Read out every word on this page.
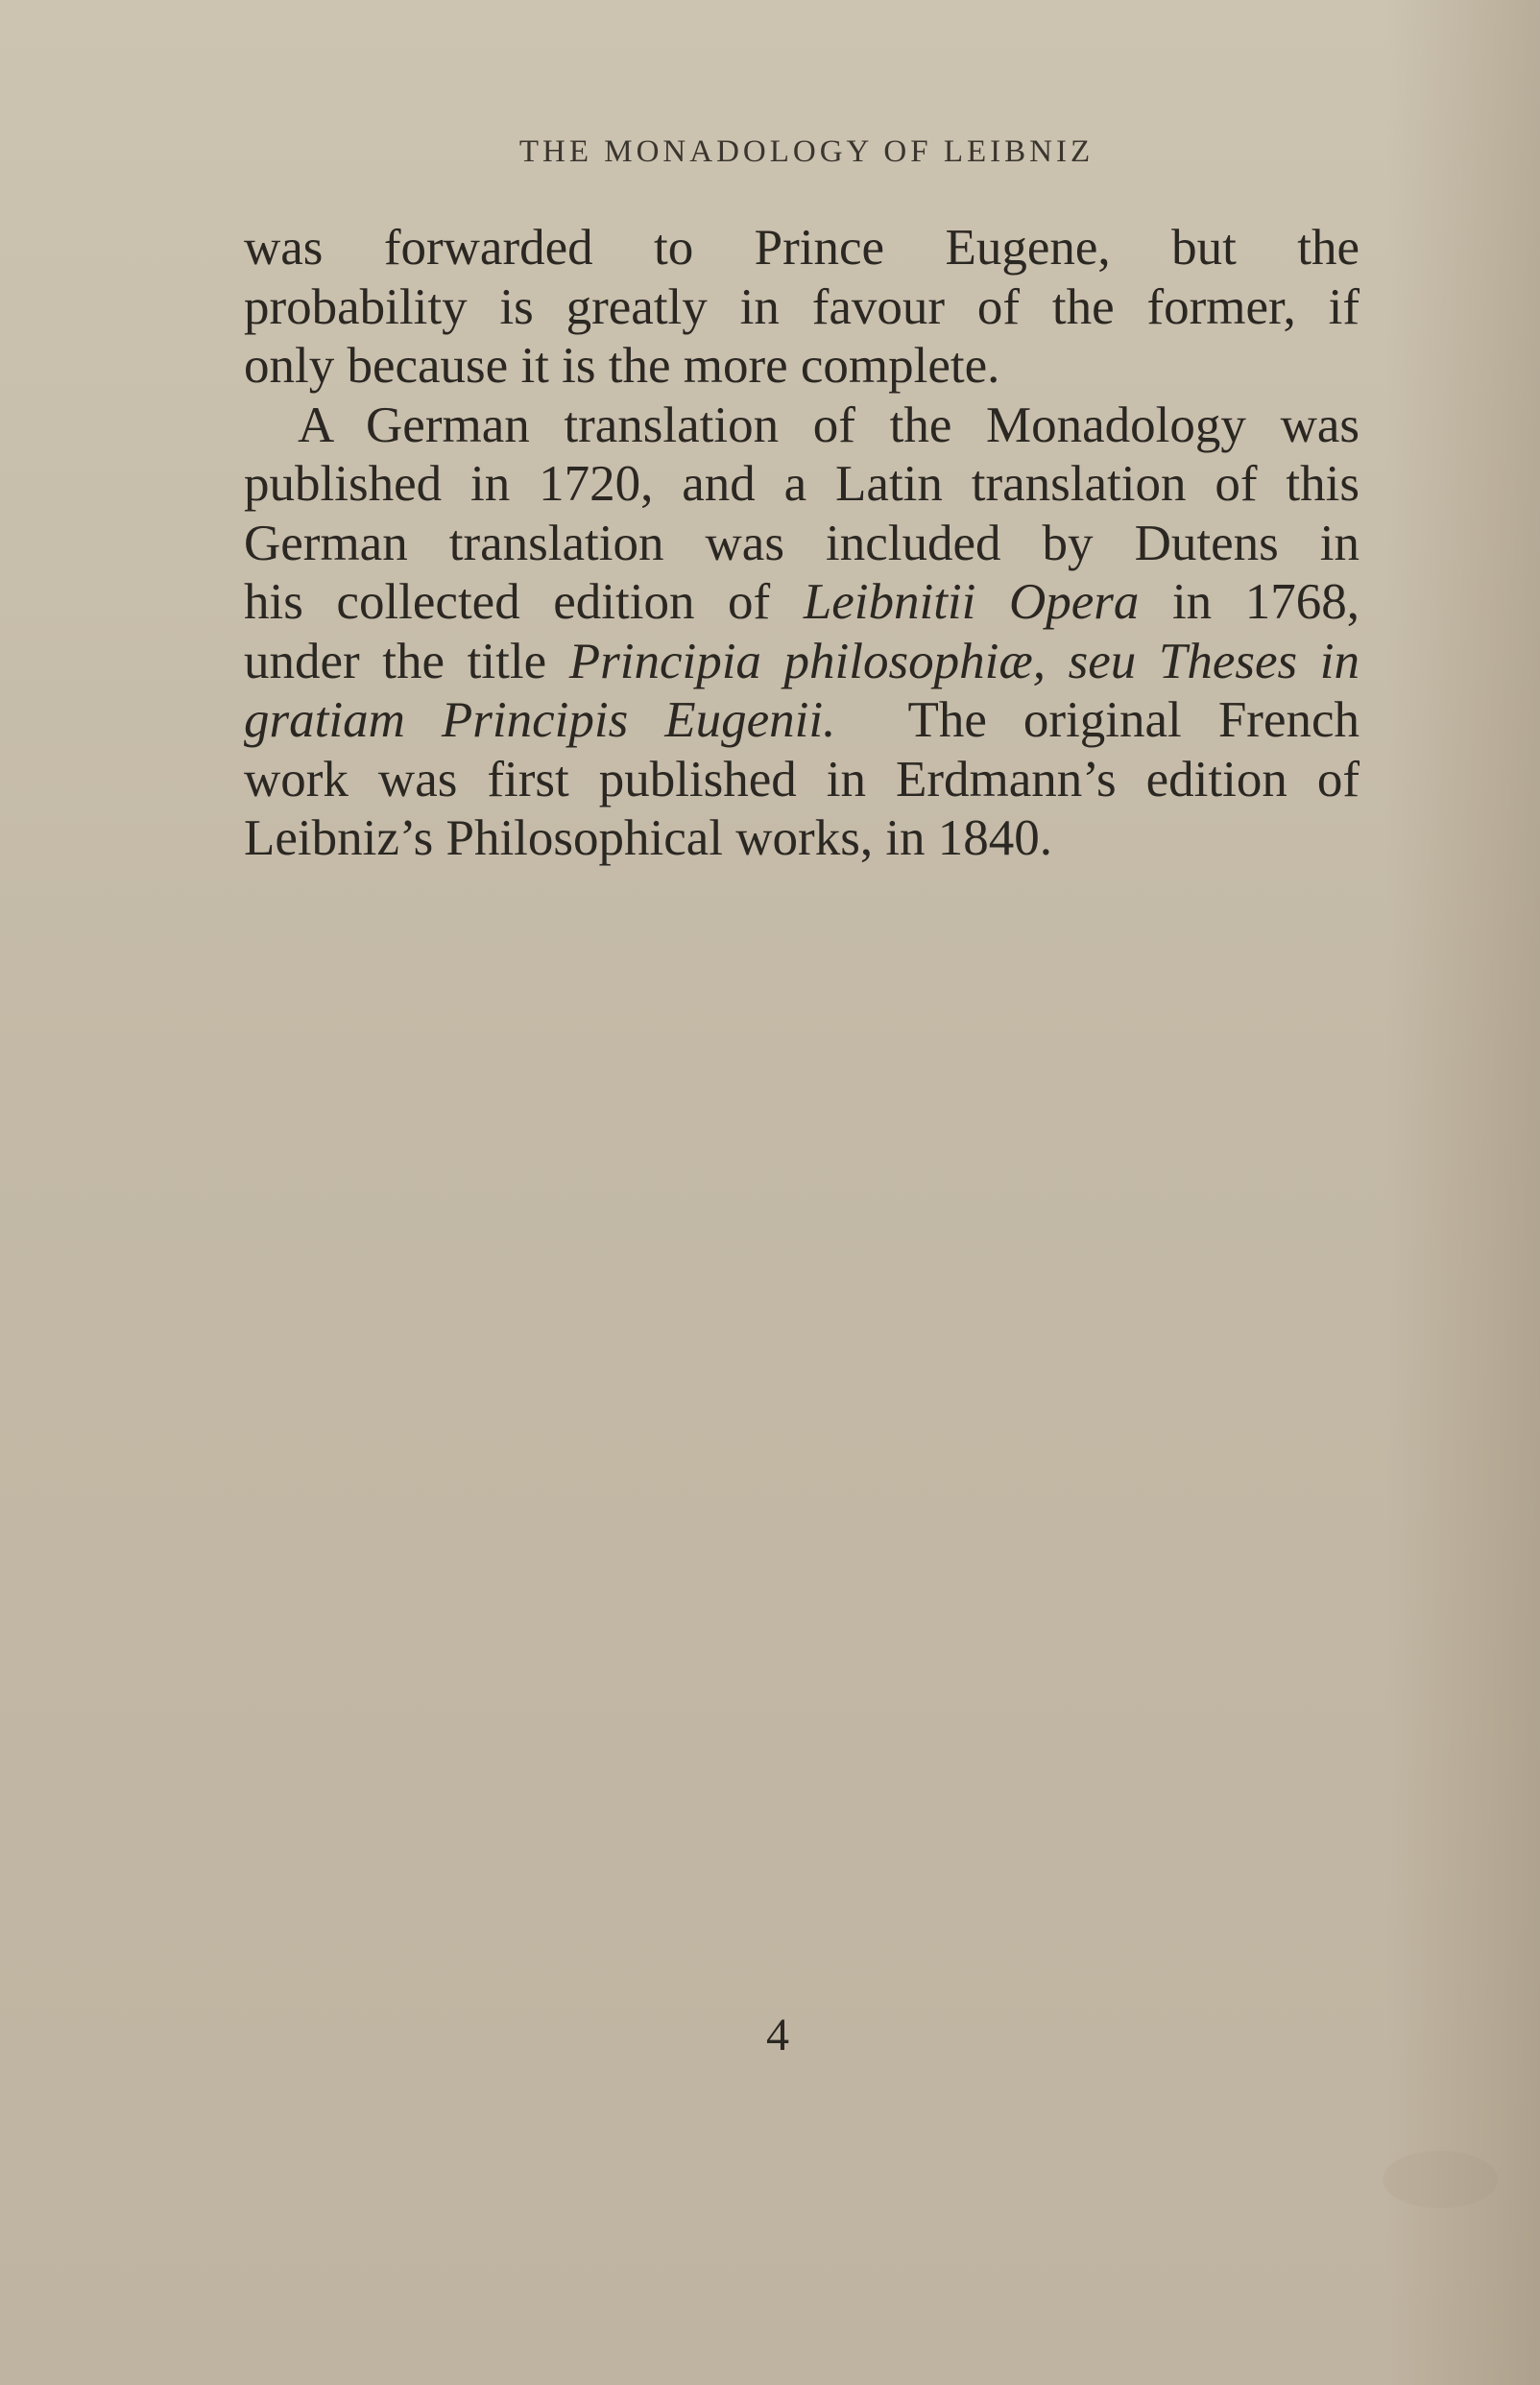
THE MONADOLOGY OF LEIBNIZ

was forwarded to Prince Eugene, but the
probability is greatly in favour of the former, if
only because it is the more complete.

A German translation of the Monadology was
published in 1720, and a Latin translation of this
German translation was included by Dutens in
his collected edition of Leibnitii Opera in 1768,
under the title Principia philosophiæ, seu Theses in
gratiam Principis Eugenii.  The original French
work was first published in Erdmann’s edition of
Leibniz’s Philosophical works, in 1840.

4
